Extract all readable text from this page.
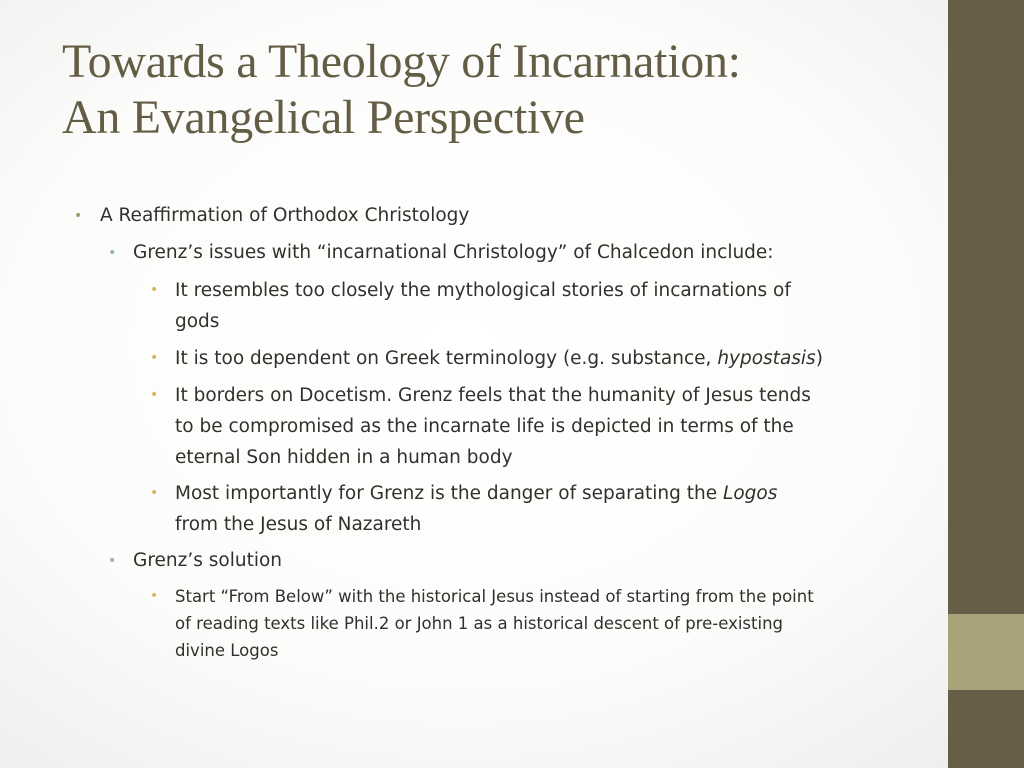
Towards a Theology of Incarnation:
An Evangelical Perspective
• A Reaffirmation of Orthodox Christology
• Grenz’s issues with “incarnational Christology” of Chalcedon include:
• It resembles too closely the mythological stories of incarnations of
gods
• It is too dependent on Greek terminology (e.g. substance, hypostasis)
• It borders on Docetism. Grenz feels that the humanity of Jesus tends
to be compromised as the incarnate life is depicted in terms of the
eternal Son hidden in a human body
• Most importantly for Grenz is the danger of separating the Logos
from the Jesus of Nazareth
• Grenz’s solution
• Start “From Below” with the historical Jesus instead of starting from the point
of reading texts like Phil.2 or John 1 as a historical descent of pre-existing
divine Logos
